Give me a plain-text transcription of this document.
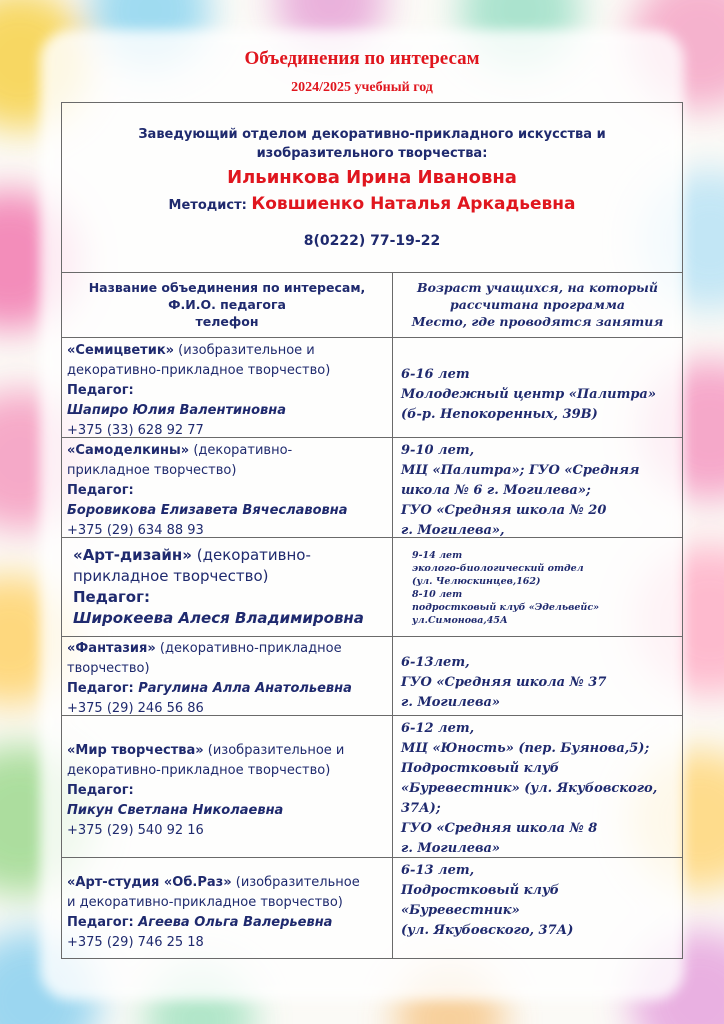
Объединения по интересам
2024/2025 учебный год
Заведующий отделом декоративно-прикладного искусства и
изобразительного творчества:
Ильинкова Ирина Ивановна
Методист: Ковшиенко Наталья Аркадьевна
8(0222) 77-19-22
Название объединения по интересам,
Ф.И.О. педагога
телефон
Возраст учащихся, на который
рассчитана программа
Место, где проводятся занятия
«Семицветик» (изобразительное и
декоративно-прикладное творчество)
Педагог:
Шапиро Юлия Валентиновна
+375 (33) 628 92 77
6-16 лет
Молодежный центр «Палитра»
(б-р. Непокоренных, 39В)
«Самоделкины» (декоративно-
прикладное творчество)
Педагог:
Боровикова Елизавета Вячеславовна
+375 (29) 634 88 93
9-10 лет,
МЦ «Палитра»; ГУО «Средняя
школа № 6 г. Могилева»;
ГУО «Средняя школа № 20
г. Могилева»,
«Арт-дизайн» (декоративно-
прикладное творчество)
Педагог:
Широкеева Алеся Владимировна
9-14 лет
эколого-биологический отдел
(ул. Челюскинцев,162)
8-10 лет
подростковый клуб «Эдельвейс»
ул.Симонова,45А
«Фантазия» (декоративно-прикладное
творчество)
Педагог: Рагулина Алла Анатольевна
+375 (29) 246 56 86
6-13лет,
ГУО «Средняя школа № 37
г. Могилева»
«Мир творчества» (изобразительное и
декоративно-прикладное творчество)
Педагог:
Пикун Светлана Николаевна
+375 (29) 540 92 16
6-12 лет,
МЦ «Юность» (пер. Буянова,5);
Подростковый клуб
«Буревестник» (ул. Якубовского,
37А);
ГУО «Средняя школа № 8
г. Могилева»
«Арт-студия «Об.Раз» (изобразительное
и декоративно-прикладное творчество)
Педагог: Агеева Ольга Валерьевна
+375 (29) 746 25 18
6-13 лет,
Подростковый клуб
«Буревестник»
(ул. Якубовского, 37А)
